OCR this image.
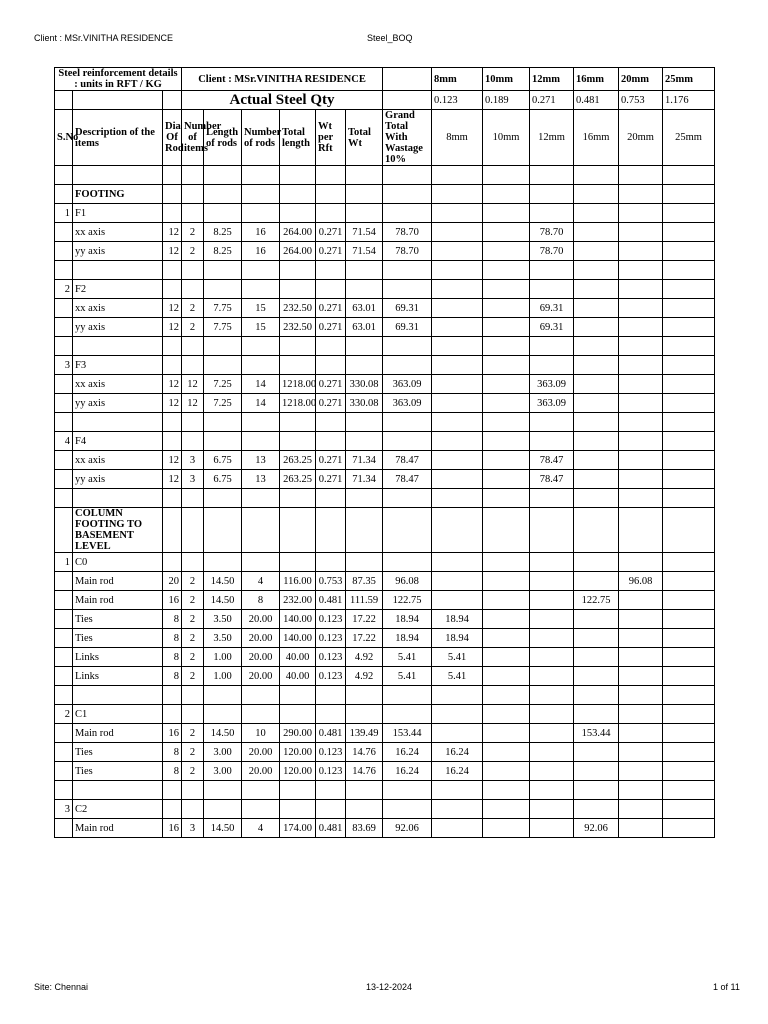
Client : MSr.VINITHA RESIDENCE	Steel_BOQ
Steel reinforcement details : units in RFT / KG			Client : MSr.VINITHA RESIDENCE							8mm	10mm	12mm	16mm	20mm	25mm
			Actual Steel Qty							0.123	0.189	0.271	0.481	0.753	1.176
S.No	Description of the items	Dia Of Rod	Number of items	Length of rods	Number of rods	Total length	Wt per Rft	Total Wt	Grand Total With Wastage 10%	8mm	10mm	12mm	16mm	20mm	25mm

	FOOTING														
1	F1														
	xx axis	12	2	8.25	16	264.00	0.271	71.54	78.70			78.70			
	yy axis	12	2	8.25	16	264.00	0.271	71.54	78.70			78.70			

2	F2														
	xx axis	12	2	7.75	15	232.50	0.271	63.01	69.31			69.31			
	yy axis	12	2	7.75	15	232.50	0.271	63.01	69.31			69.31			

3	F3														
	xx axis	12	12	7.25	14	1218.00	0.271	330.08	363.09			363.09			
	yy axis	12	12	7.25	14	1218.00	0.271	330.08	363.09			363.09			

4	F4														
	xx axis	12	3	6.75	13	263.25	0.271	71.34	78.47			78.47			
	yy axis	12	3	6.75	13	263.25	0.271	71.34	78.47			78.47			

	COLUMN FOOTING TO BASEMENT LEVEL														
1	C0														
	Main rod	20	2	14.50	4	116.00	0.753	87.35	96.08					96.08	
	Main rod	16	2	14.50	8	232.00	0.481	111.59	122.75				122.75		
	Ties	8	2	3.50	20.00	140.00	0.123	17.22	18.94	18.94					
	Ties	8	2	3.50	20.00	140.00	0.123	17.22	18.94	18.94					
	Links	8	2	1.00	20.00	40.00	0.123	4.92	5.41	5.41					
	Links	8	2	1.00	20.00	40.00	0.123	4.92	5.41	5.41					

2	C1														
	Main rod	16	2	14.50	10	290.00	0.481	139.49	153.44				153.44		
	Ties	8	2	3.00	20.00	120.00	0.123	14.76	16.24	16.24					
	Ties	8	2	3.00	20.00	120.00	0.123	14.76	16.24	16.24					

3	C2														
	Main rod	16	3	14.50	4	174.00	0.481	83.69	92.06				92.06		
Site: Chennai	13-12-2024	1 of 11
